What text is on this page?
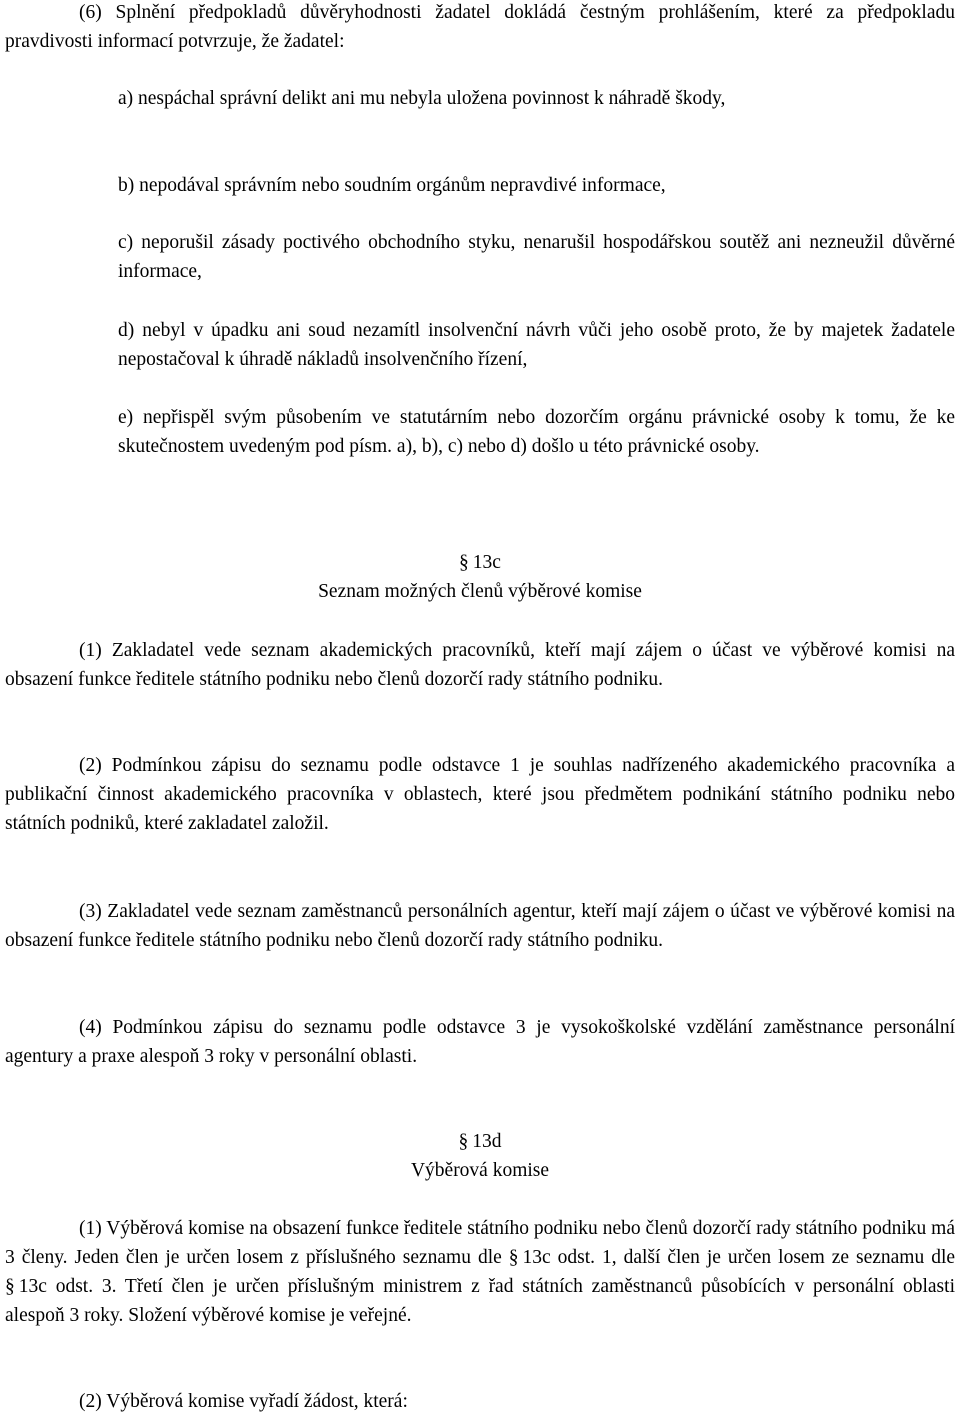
(6) Splnění předpokladů důvěryhodnosti žadatel dokládá čestným prohlášením, které za předpokladu pravdivosti informací potvrzuje, že žadatel:

a) nespáchal správní delikt ani mu nebyla uložena povinnost k náhradě škody,

b) nepodával správním nebo soudním orgánům nepravdivé informace,

c) neporušil zásady poctivého obchodního styku, nenarušil hospodářskou soutěž ani nezneužil důvěrné informace,

d) nebyl v úpadku ani soud nezamítl insolvenční návrh vůči jeho osobě proto, že by majetek žadatele nepostačoval k úhradě nákladů insolvenčního řízení,

e) nepřispěl svým působením ve statutárním nebo dozorčím orgánu právnické osoby k tomu, že ke skutečnostem uvedeným pod písm. a), b), c) nebo d) došlo u této právnické osoby.

§ 13c

Seznam možných členů výběrové komise

(1) Zakladatel vede seznam akademických pracovníků, kteří mají zájem o účast ve výběrové komisi na obsazení funkce ředitele státního podniku nebo členů dozorčí rady státního podniku.

(2) Podmínkou zápisu do seznamu podle odstavce 1 je souhlas nadřízeného akademického pracovníka a publikační činnost akademického pracovníka v oblastech, které jsou předmětem podnikání státního podniku nebo státních podniků, které zakladatel založil.

(3) Zakladatel vede seznam zaměstnanců personálních agentur, kteří mají zájem o účast ve výběrové komisi na obsazení funkce ředitele státního podniku nebo členů dozorčí rady státního podniku.

(4) Podmínkou zápisu do seznamu podle odstavce 3 je vysokoškolské vzdělání zaměstnance personální agentury a praxe alespoň 3 roky v personální oblasti.

§ 13d

Výběrová komise

(1) Výběrová komise na obsazení funkce ředitele státního podniku nebo členů dozorčí rady státního podniku má 3 členy. Jeden člen je určen losem z příslušného seznamu dle § 13c odst. 1, další člen je určen losem ze seznamu dle § 13c odst. 3. Třetí člen je určen příslušným ministrem z řad státních zaměstnanců působících v personální oblasti alespoň 3 roky. Složení výběrové komise je veřejné.

(2) Výběrová komise vyřadí žádost, která:
